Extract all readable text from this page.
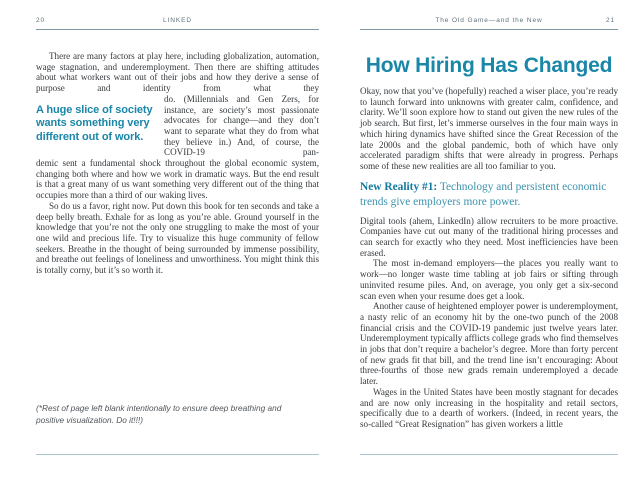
20	LINKED

There are many factors at play here, including globalization, automation, wage stagnation, and underemployment. Then there are shifting attitudes about what workers want out of their jobs and how they derive a sense of purpose and identity from what they

A huge slice of society wants something very different out of work.

do. (Millennials and Gen Zers, for instance, are society’s most passionate advocates for change—and they don’t want to separate what they do from what they believe in.) And, of course, the COVID-19 pan-

demic sent a fundamental shock throughout the global economic system, changing both where and how we work in dramatic ways. But the end result is that a great many of us want something very different out of the thing that occupies more than a third of our waking lives.

So do us a favor, right now. Put down this book for ten seconds and take a deep belly breath. Exhale for as long as you’re able. Ground yourself in the knowledge that you’re not the only one struggling to make the most of your one wild and precious life. Try to visualize this huge community of fellow seekers. Breathe in the thought of being surrounded by immense possibility, and breathe out feelings of loneliness and unworthiness. You might think this is totally corny, but it’s so worth it.

(*Rest of page left blank intentionally to ensure deep breathing and positive visualization. Do it!!!)

The Old Game—and the New	21
How Hiring Has Changed

Okay, now that you’ve (hopefully) reached a wiser place, you’re ready to launch forward into unknowns with greater calm, confidence, and clarity. We’ll soon explore how to stand out given the new rules of the job search. But first, let’s immerse ourselves in the four main ways in which hiring dynamics have shifted since the Great Recession of the late 2000s and the global pandemic, both of which have only accelerated paradigm shifts that were already in progress. Perhaps some of these new realities are all too familiar to you.

New Reality #1: Technology and persistent economic trends give employers more power.

Digital tools (ahem, LinkedIn) allow recruiters to be more proactive. Companies have cut out many of the traditional hiring processes and can search for exactly who they need. Most inefficiencies have been erased.

The most in-demand employers—the places you really want to work—no longer waste time tabling at job fairs or sifting through uninvited resume piles. And, on average, you only get a six-second scan even when your resume does get a look.

Another cause of heightened employer power is underemployment, a nasty relic of an economy hit by the one-two punch of the 2008 financial crisis and the COVID-19 pandemic just twelve years later. Underemployment typically afflicts college grads who find themselves in jobs that don’t require a bachelor’s degree. More than forty percent of new grads fit that bill, and the trend line isn’t encouraging: About three-fourths of those new grads remain underemployed a decade later.

Wages in the United States have been mostly stagnant for decades and are now only increasing in the hospitality and retail sectors, specifically due to a dearth of workers. (Indeed, in recent years, the so-called “Great Resignation” has given workers a little
